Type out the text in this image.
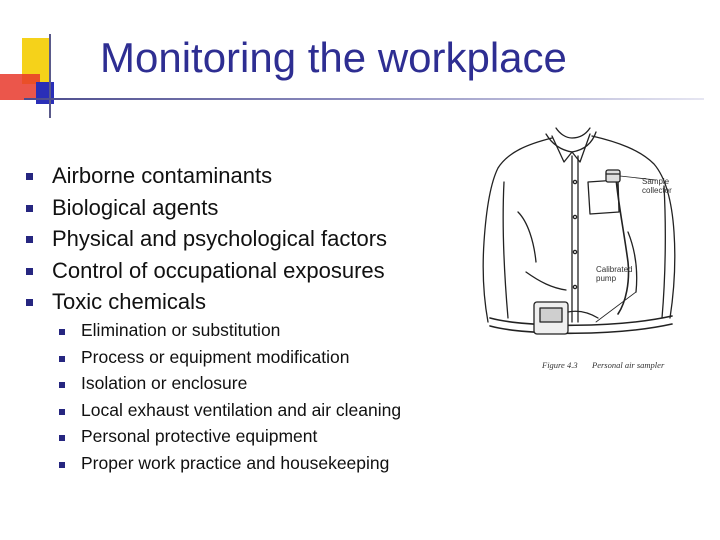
Monitoring the workplace
Airborne contaminants
Biological agents
Physical and psychological factors
Control of occupational exposures
Toxic chemicals
Elimination or substitution
Process or equipment modification
Isolation or enclosure
Local exhaust ventilation and air cleaning
Personal protective equipment
Proper work practice and housekeeping
Sample
collector
Calibrated
pump
Figure 4.3 Personal air sampler
